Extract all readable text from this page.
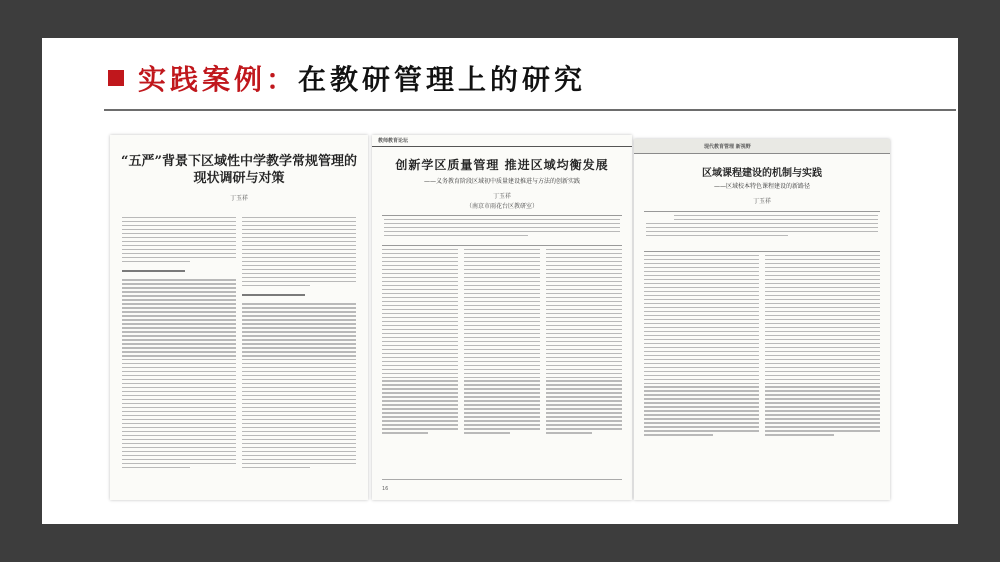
实践案例 ： 在教研管理上的研究
“五严”背景下区域性中学教学常规管理的
现状调研与对策
丁玉祥
教师教育论坛
创新学区质量管理 推进区域均衡发展
——义务教育阶段区域初中质量建设推进与方法的创新实践
丁玉祥
（南京市雨花台区教研室）
16
现代教育管理 新视野
区域课程建设的机制与实践
——区域校本特色课程建设的新路径
丁玉祥
